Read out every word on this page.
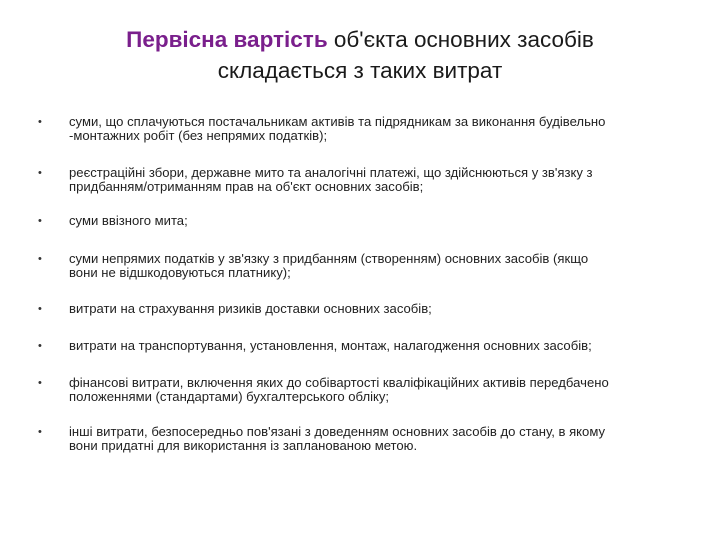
Первісна вартість об'єкта основних засобів складається з таких витрат
• суми, що сплачуються постачальникам активів та підрядникам за виконання будівельно
-монтажних робіт (без непрямих податків);
• реєстраційні збори, державне мито та аналогічні платежі, що здійснюються у зв'язку з
придбанням/отриманням прав на об'єкт основних засобів;
• суми ввізного мита;
• суми непрямих податків у зв'язку з придбанням (створенням) основних засобів (якщо
вони не відшкодовуються платнику);
• витрати на страхування ризиків доставки основних засобів;
• витрати на транспортування, установлення, монтаж, налагодження основних засобів;
• фінансові витрати, включення яких до собівартості кваліфікаційних активів передбачено
положеннями (стандартами) бухгалтерського обліку;
• інші витрати, безпосередньо пов'язані з доведенням основних засобів до стану, в якому
вони придатні для використання із запланованою метою.
